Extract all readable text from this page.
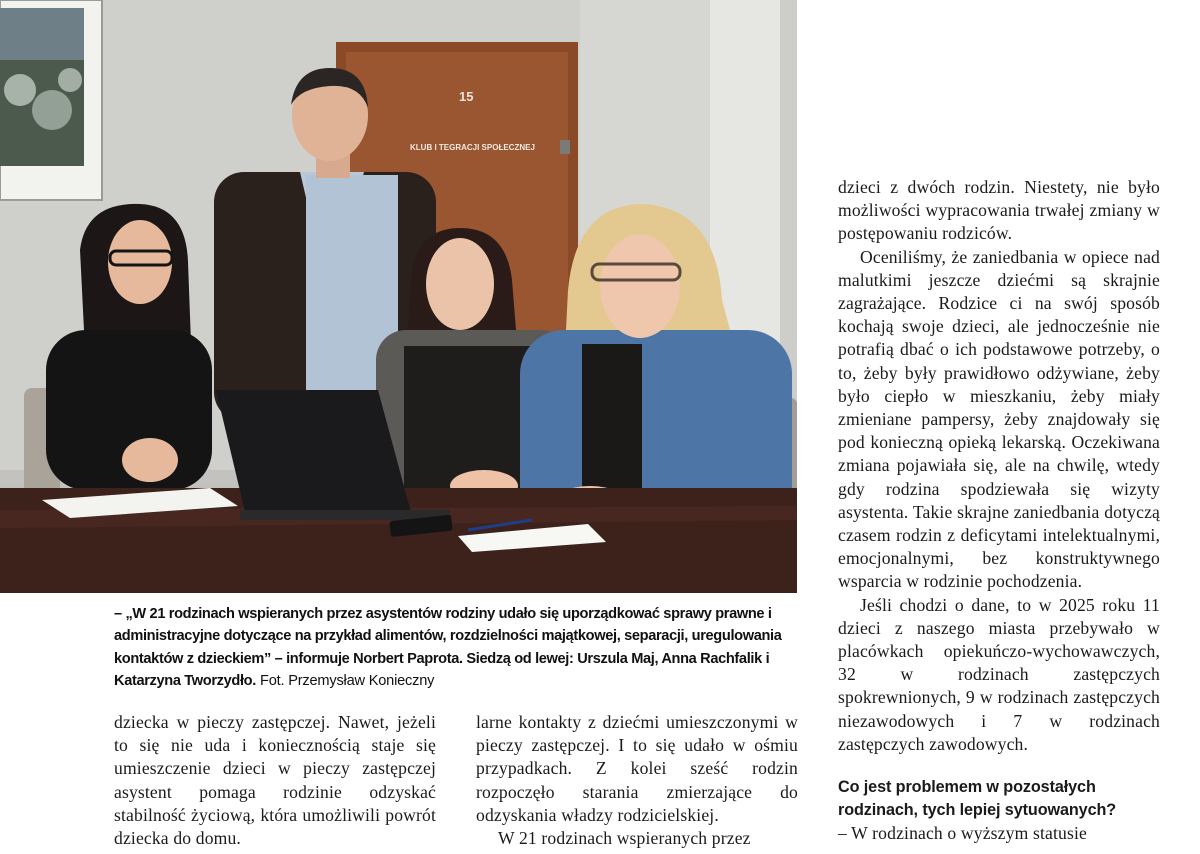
15
KLUB I TEGRACJI SPOŁECZNEJ
– „W 21 rodzinach wspieranych przez asystentów rodziny udało się uporządkować sprawy prawne i administracyjne dotyczące na przykład alimentów, rozdzielności majątkowej, separacji, uregulowania kontaktów z dzieckiem” – informuje Norbert Paprota. Siedzą od lewej: Urszula Maj, Anna Rachfalik i Katarzyna Tworzydło. Fot. Przemysław Konieczny

dziecka w pieczy zastępczej. Nawet, jeżeli to się nie uda i koniecznością staje się umieszczenie dzieci w pieczy zastępczej asystent pomaga rodzinie odzyskać stabilność życiową, która umożliwili powrót dziecka do domu.

larne kontakty z dziećmi umieszczonymi w pieczy zastępczej. I to się udało w ośmiu przypadkach. Z kolei sześć rodzin rozpoczęło starania zmierzające do odzyskania władzy rodzicielskiej.

W 21 rodzinach wspieranych przez

dzieci z dwóch rodzin. Niestety, nie było możliwości wypracowania trwałej zmiany w postępowaniu rodziców.

Oceniliśmy, że zaniedbania w opiece nad malutkimi jeszcze dziećmi są skrajnie zagrażające. Rodzice ci na swój sposób kochają swoje dzieci, ale jednocześnie nie potrafią dbać o ich podstawowe potrzeby, o to, żeby były prawidłowo odżywiane, żeby było ciepło w mieszkaniu, żeby miały zmieniane pampersy, żeby znajdowały się pod konieczną opieką lekarską. Oczekiwana zmiana pojawiała się, ale na chwilę, wtedy gdy rodzina spodziewała się wizyty asystenta. Takie skrajne zaniedbania dotyczą czasem rodzin z deficytami intelektualnymi, emocjonalnymi, bez konstruktywnego wsparcia w rodzinie pochodzenia.

Jeśli chodzi o dane, to w 2025 roku 11 dzieci z naszego miasta przebywało w placówkach opiekuńczo-wychowawczych, 32 w rodzinach zastępczych spokrewnionych, 9 w rodzinach zastępczych niezawodowych i 7 w rodzinach zastępczych zawodowych.

Co jest problemem w pozostałych rodzinach, tych lepiej sytuowanych?

– W rodzinach o wyższym statusie
